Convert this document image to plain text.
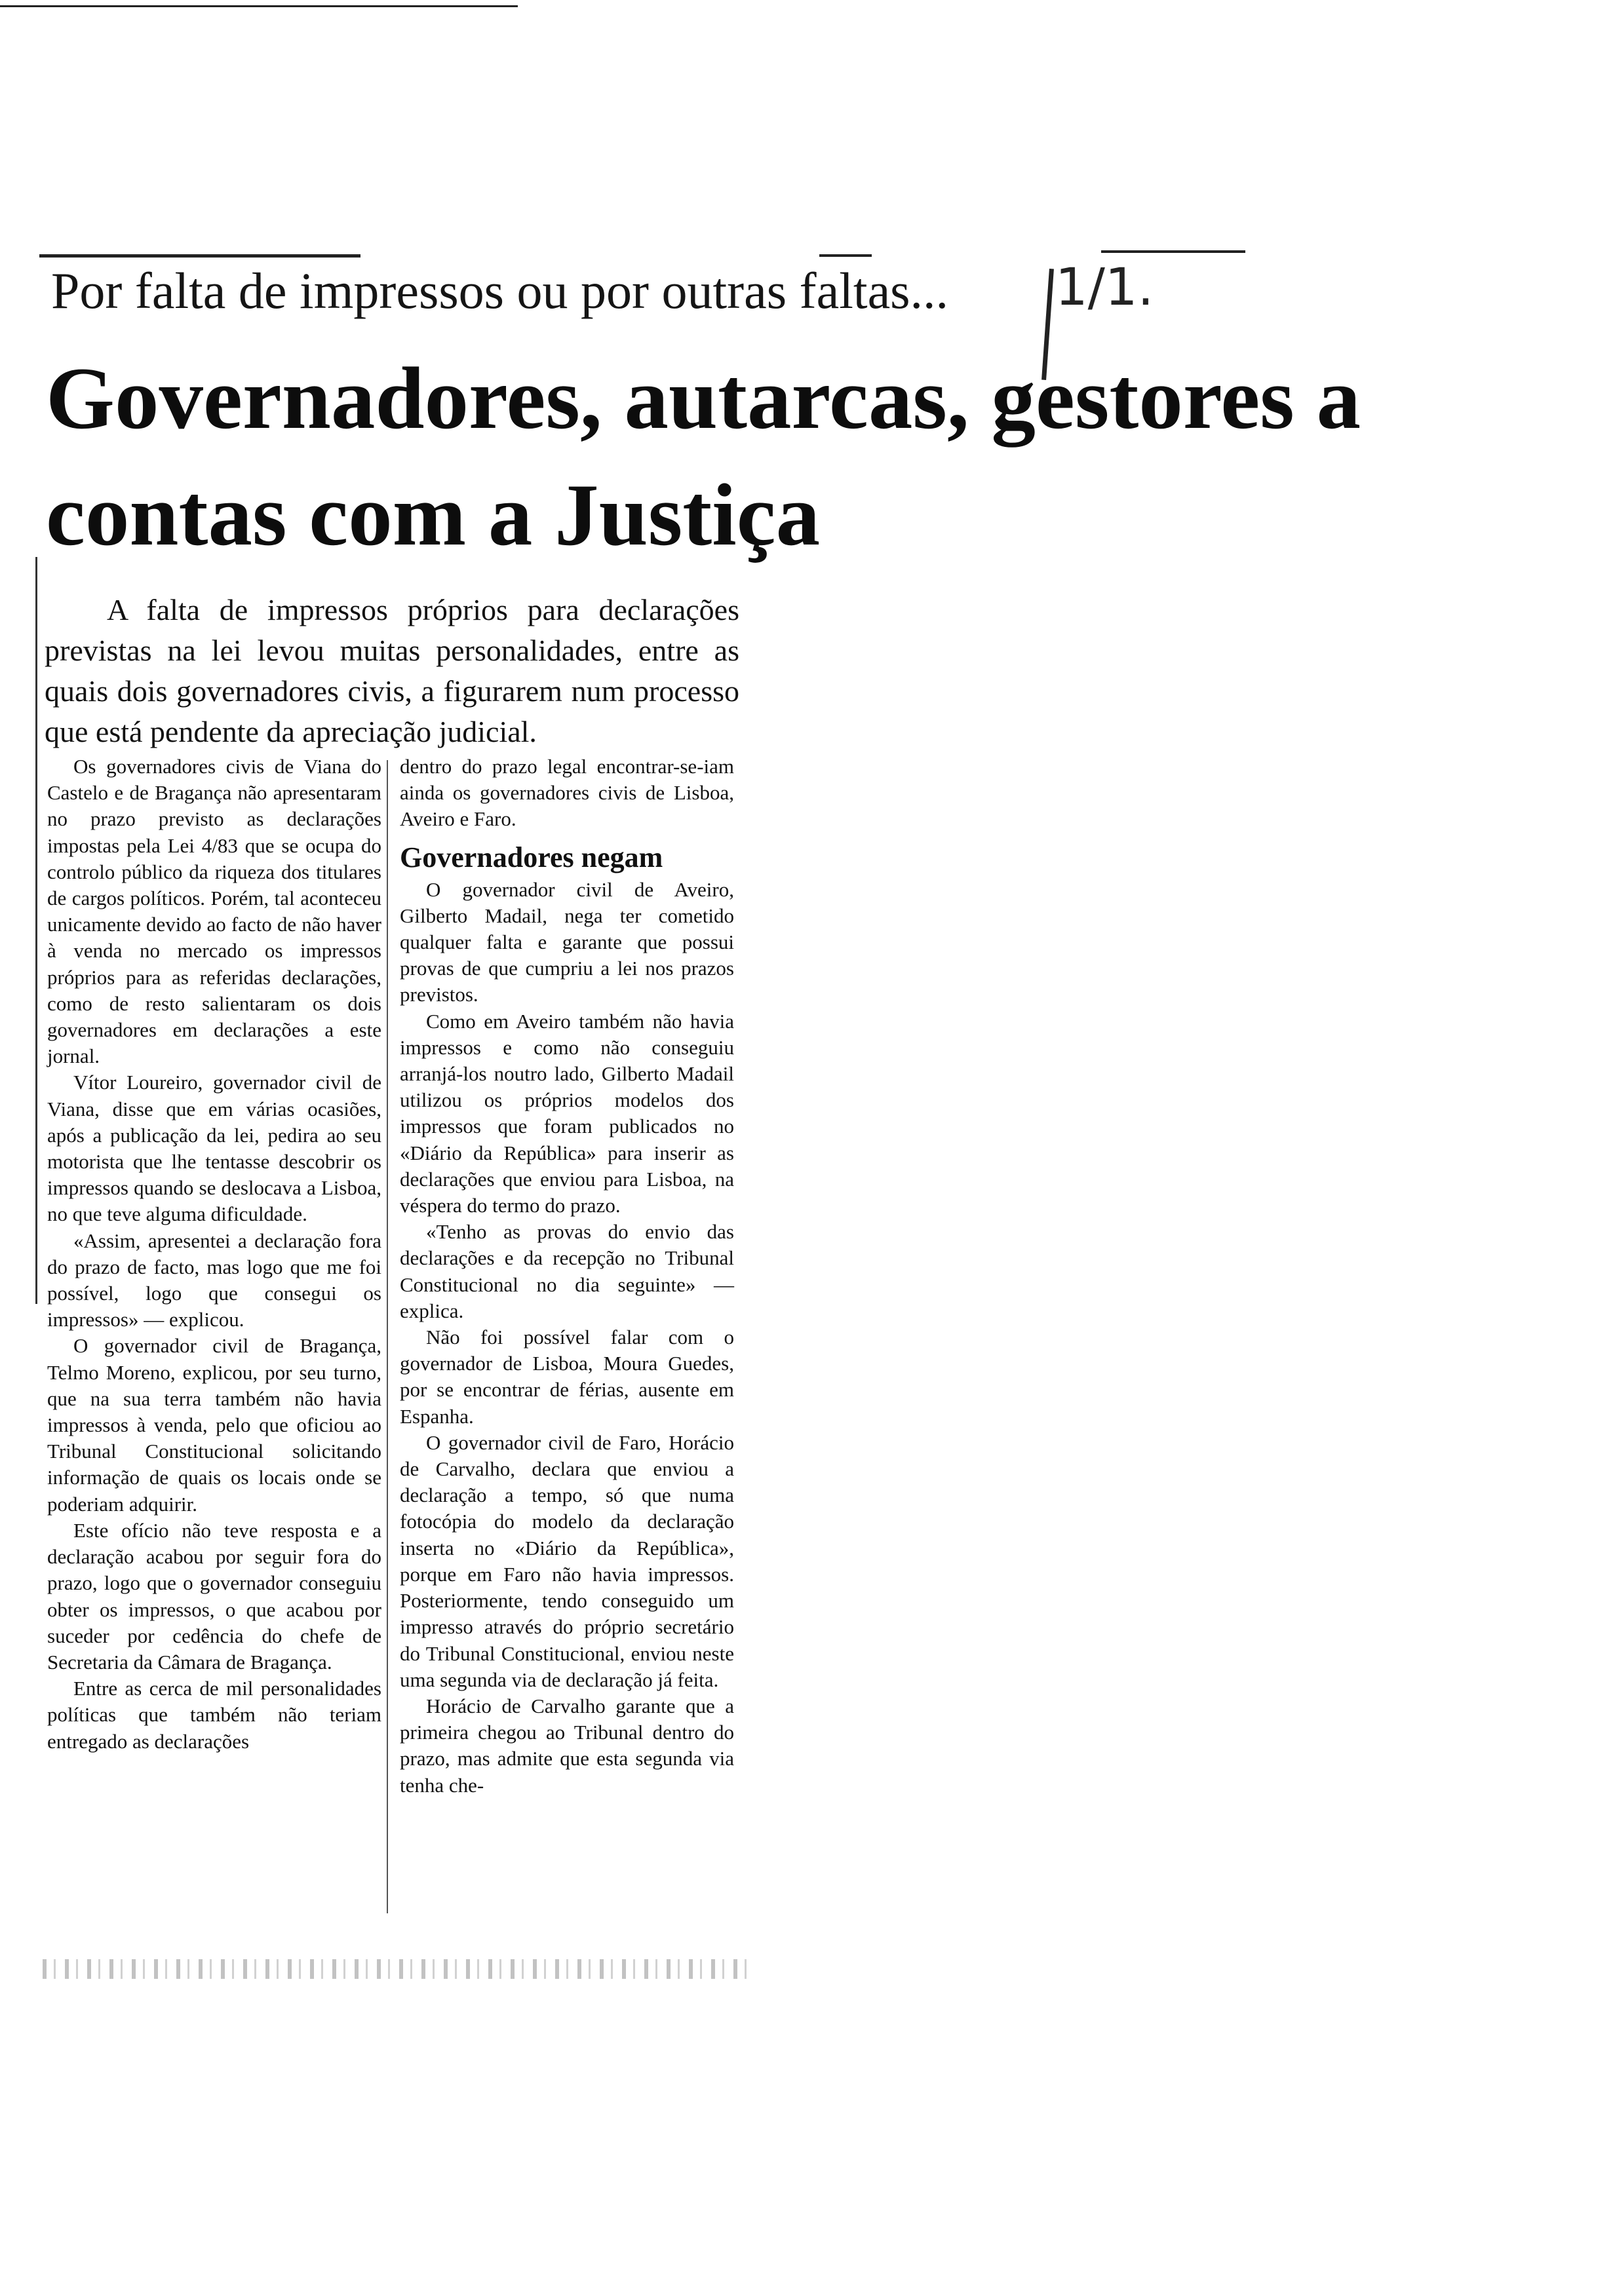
Por falta de impressos ou por outras faltas... 1/1.
Governadores, autarcas, gestores a contas com a Justiça
A falta de impressos próprios para declarações previstas na lei levou muitas personalidades, entre as quais dois governadores civis, a figurarem num processo que está pendente da apreciação judicial.

Os governadores civis de Viana do Castelo e de Bragança não apresentaram no prazo previsto as declarações impostas pela Lei 4/83 que se ocupa do controlo público da riqueza dos titulares de cargos políticos. Porém, tal aconteceu unicamente devido ao facto de não haver à venda no mercado os impressos próprios para as referidas declarações, como de resto salientaram os dois governadores em declarações a este jornal.

Vítor Loureiro, governador civil de Viana, disse que em várias ocasiões, após a publicação da lei, pedira ao seu motorista que lhe tentasse descobrir os impressos quando se deslocava a Lisboa, no que teve alguma dificuldade.

«Assim, apresentei a declaração fora do prazo de facto, mas logo que me foi possível, logo que consegui os impressos» — explicou.

O governador civil de Bragança, Telmo Moreno, explicou, por seu turno, que na sua terra também não havia impressos à venda, pelo que oficiou ao Tribunal Constitucional solicitando informação de quais os locais onde se poderiam adquirir.

Este ofício não teve resposta e a declaração acabou por seguir fora do prazo, logo que o governador conseguiu obter os impressos, o que acabou por suceder por cedência do chefe de Secretaria da Câmara de Bragança.

Entre as cerca de mil personalidades políticas que também não teriam entregado as declarações

dentro do prazo legal encontrar-se-iam ainda os governadores civis de Lisboa, Aveiro e Faro.

Governadores negam

O governador civil de Aveiro, Gilberto Madail, nega ter cometido qualquer falta e garante que possui provas de que cumpriu a lei nos prazos previstos.

Como em Aveiro também não havia impressos e como não conseguiu arranjá-los noutro lado, Gilberto Madail utilizou os próprios modelos dos impressos que foram publicados no «Diário da República» para inserir as declarações que enviou para Lisboa, na véspera do termo do prazo.

«Tenho as provas do envio das declarações e da recepção no Tribunal Constitucional no dia seguinte» — explica.

Não foi possível falar com o governador de Lisboa, Moura Guedes, por se encontrar de férias, ausente em Espanha.

O governador civil de Faro, Horácio de Carvalho, declara que enviou a declaração a tempo, só que numa fotocópia do modelo da declaração inserta no «Diário da República», porque em Faro não havia impressos. Posteriormente, tendo conseguido um impresso através do próprio secretário do Tribunal Constitucional, enviou neste uma segunda via de declaração já feita.

Horácio de Carvalho garante que a primeira chegou ao Tribunal dentro do prazo, mas admite que esta segunda via tenha che-
